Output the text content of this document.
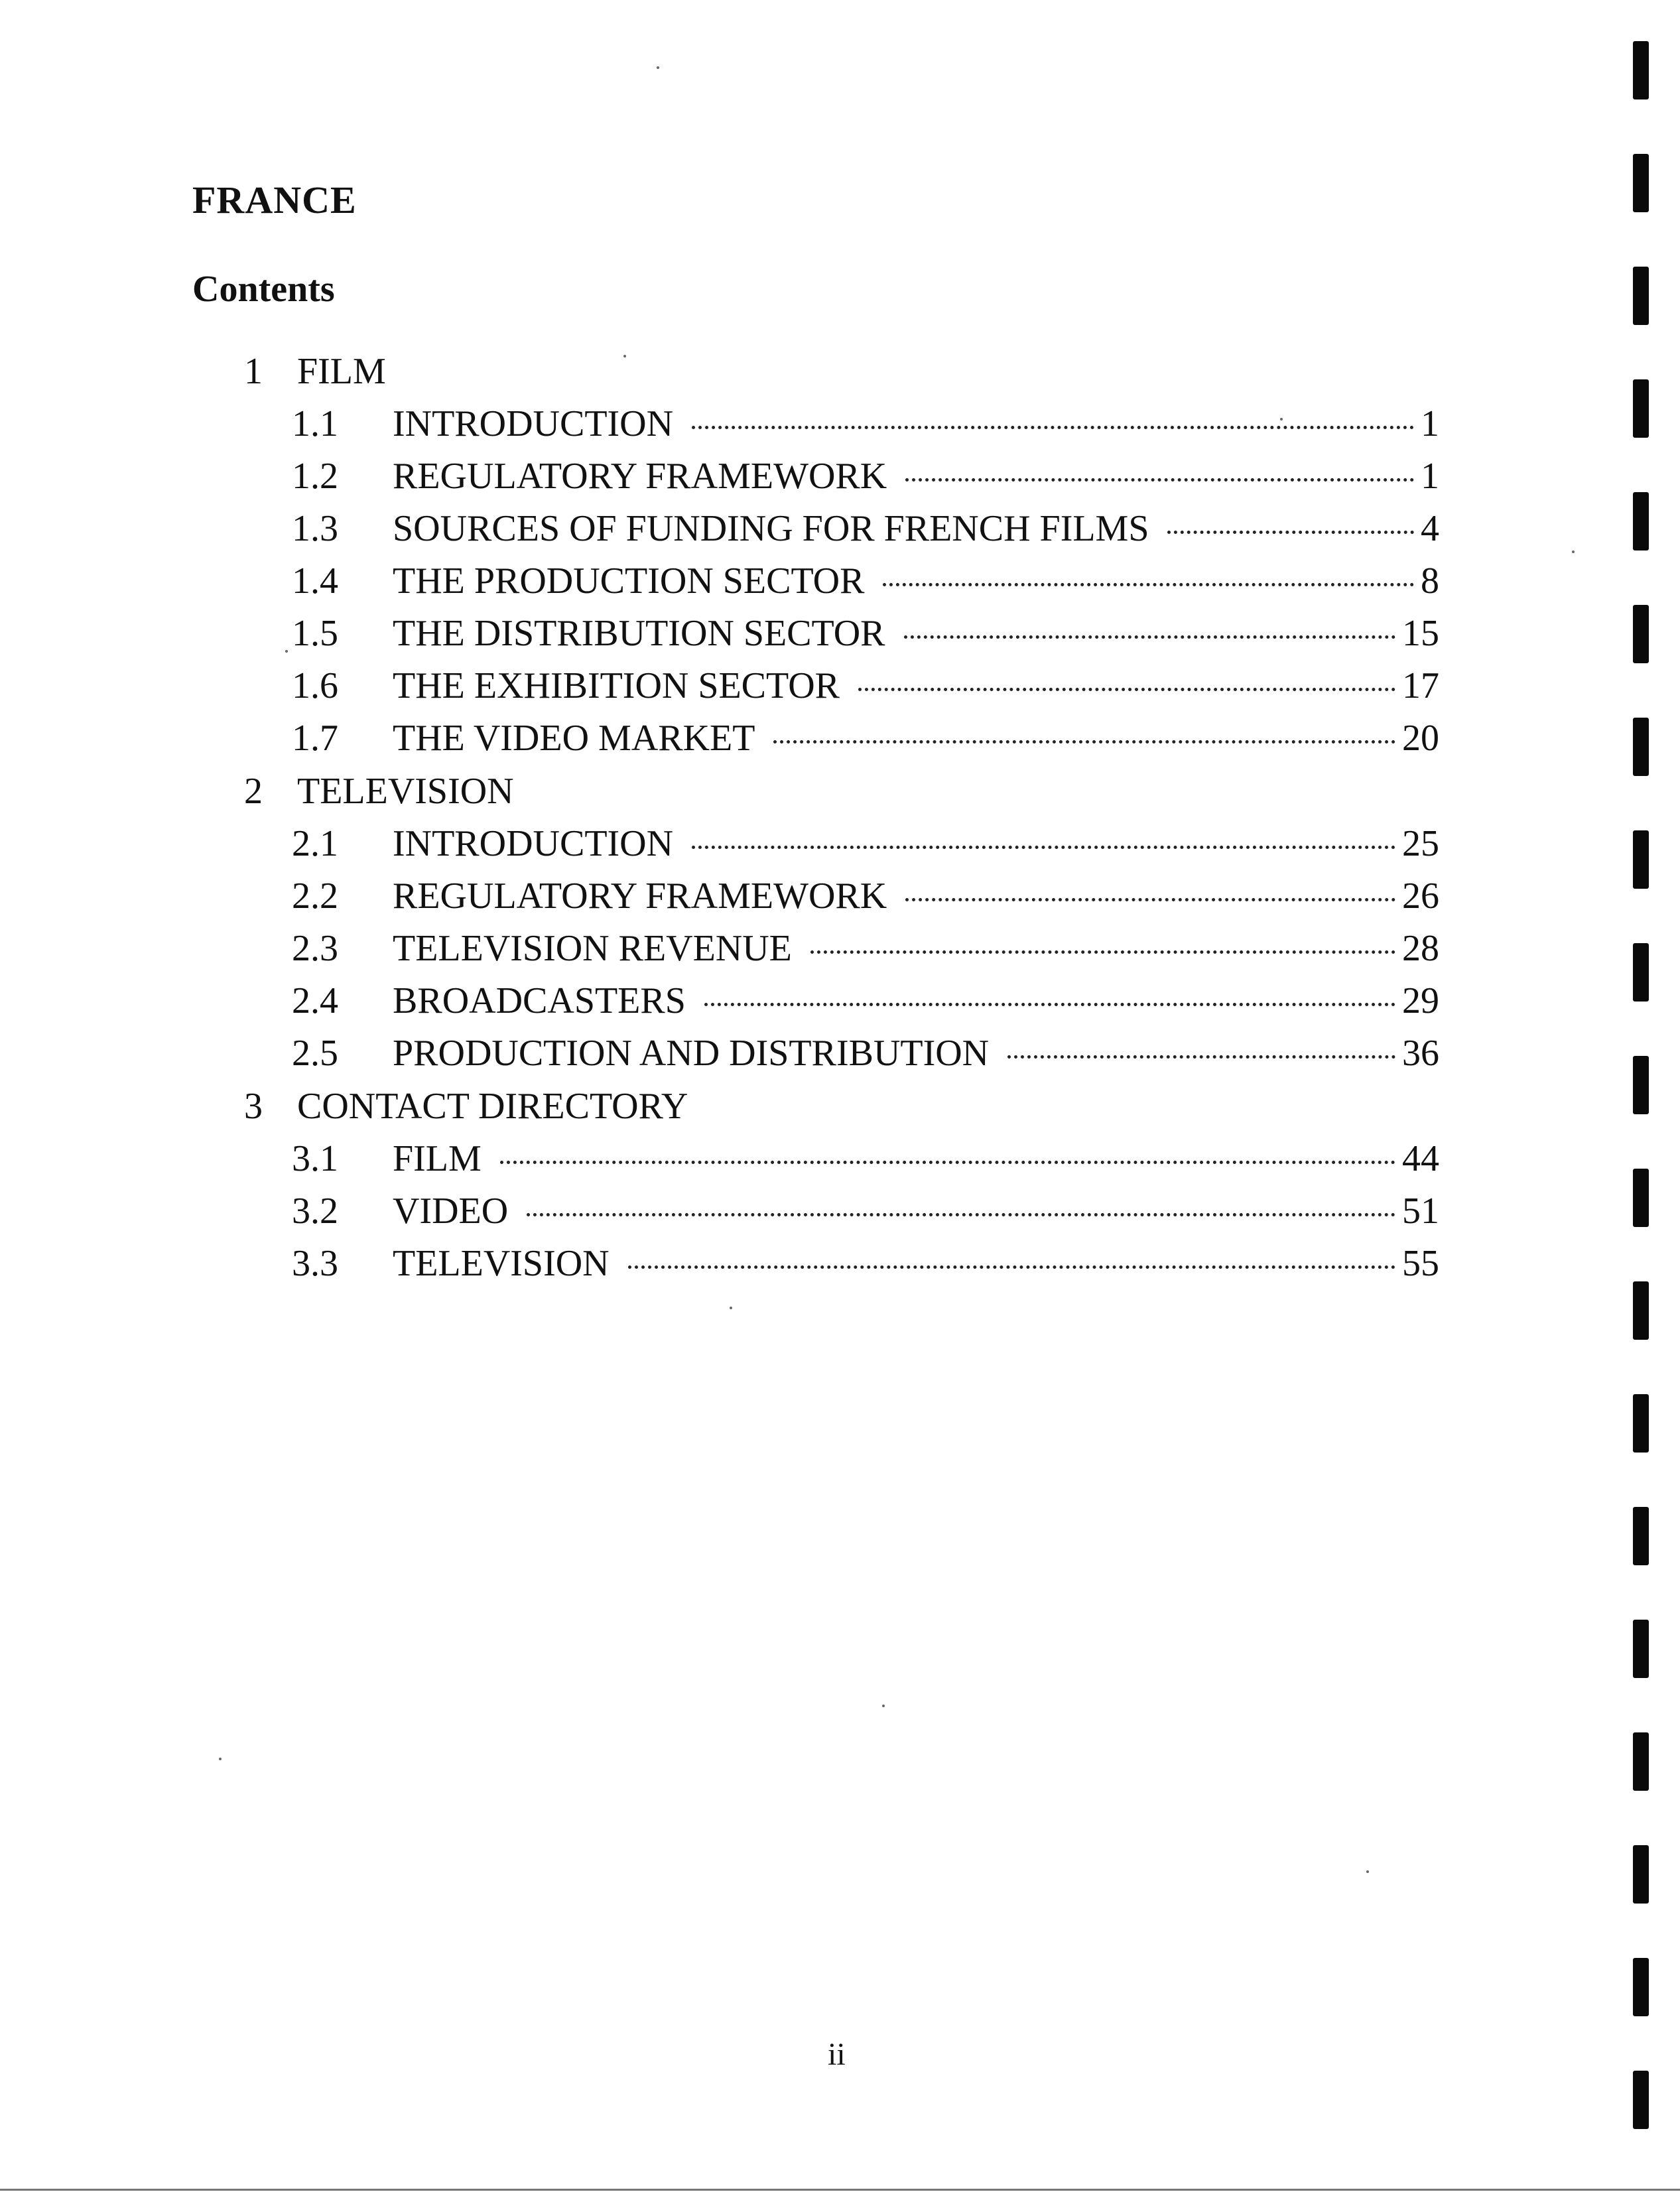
FRANCE
Contents
1 FILM
1.1	INTRODUCTION	1
1.2	REGULATORY FRAMEWORK	1
1.3	SOURCES OF FUNDING FOR FRENCH FILMS	4
1.4	THE PRODUCTION SECTOR	8
1.5	THE DISTRIBUTION SECTOR	15
1.6	THE EXHIBITION SECTOR	17
1.7	THE VIDEO MARKET	20
2 TELEVISION
2.1	INTRODUCTION	25
2.2	REGULATORY FRAMEWORK	26
2.3	TELEVISION REVENUE	28
2.4	BROADCASTERS	29
2.5	PRODUCTION AND DISTRIBUTION	36
3 CONTACT DIRECTORY
3.1	FILM	44
3.2	VIDEO	51
3.3	TELEVISION	55
ii
